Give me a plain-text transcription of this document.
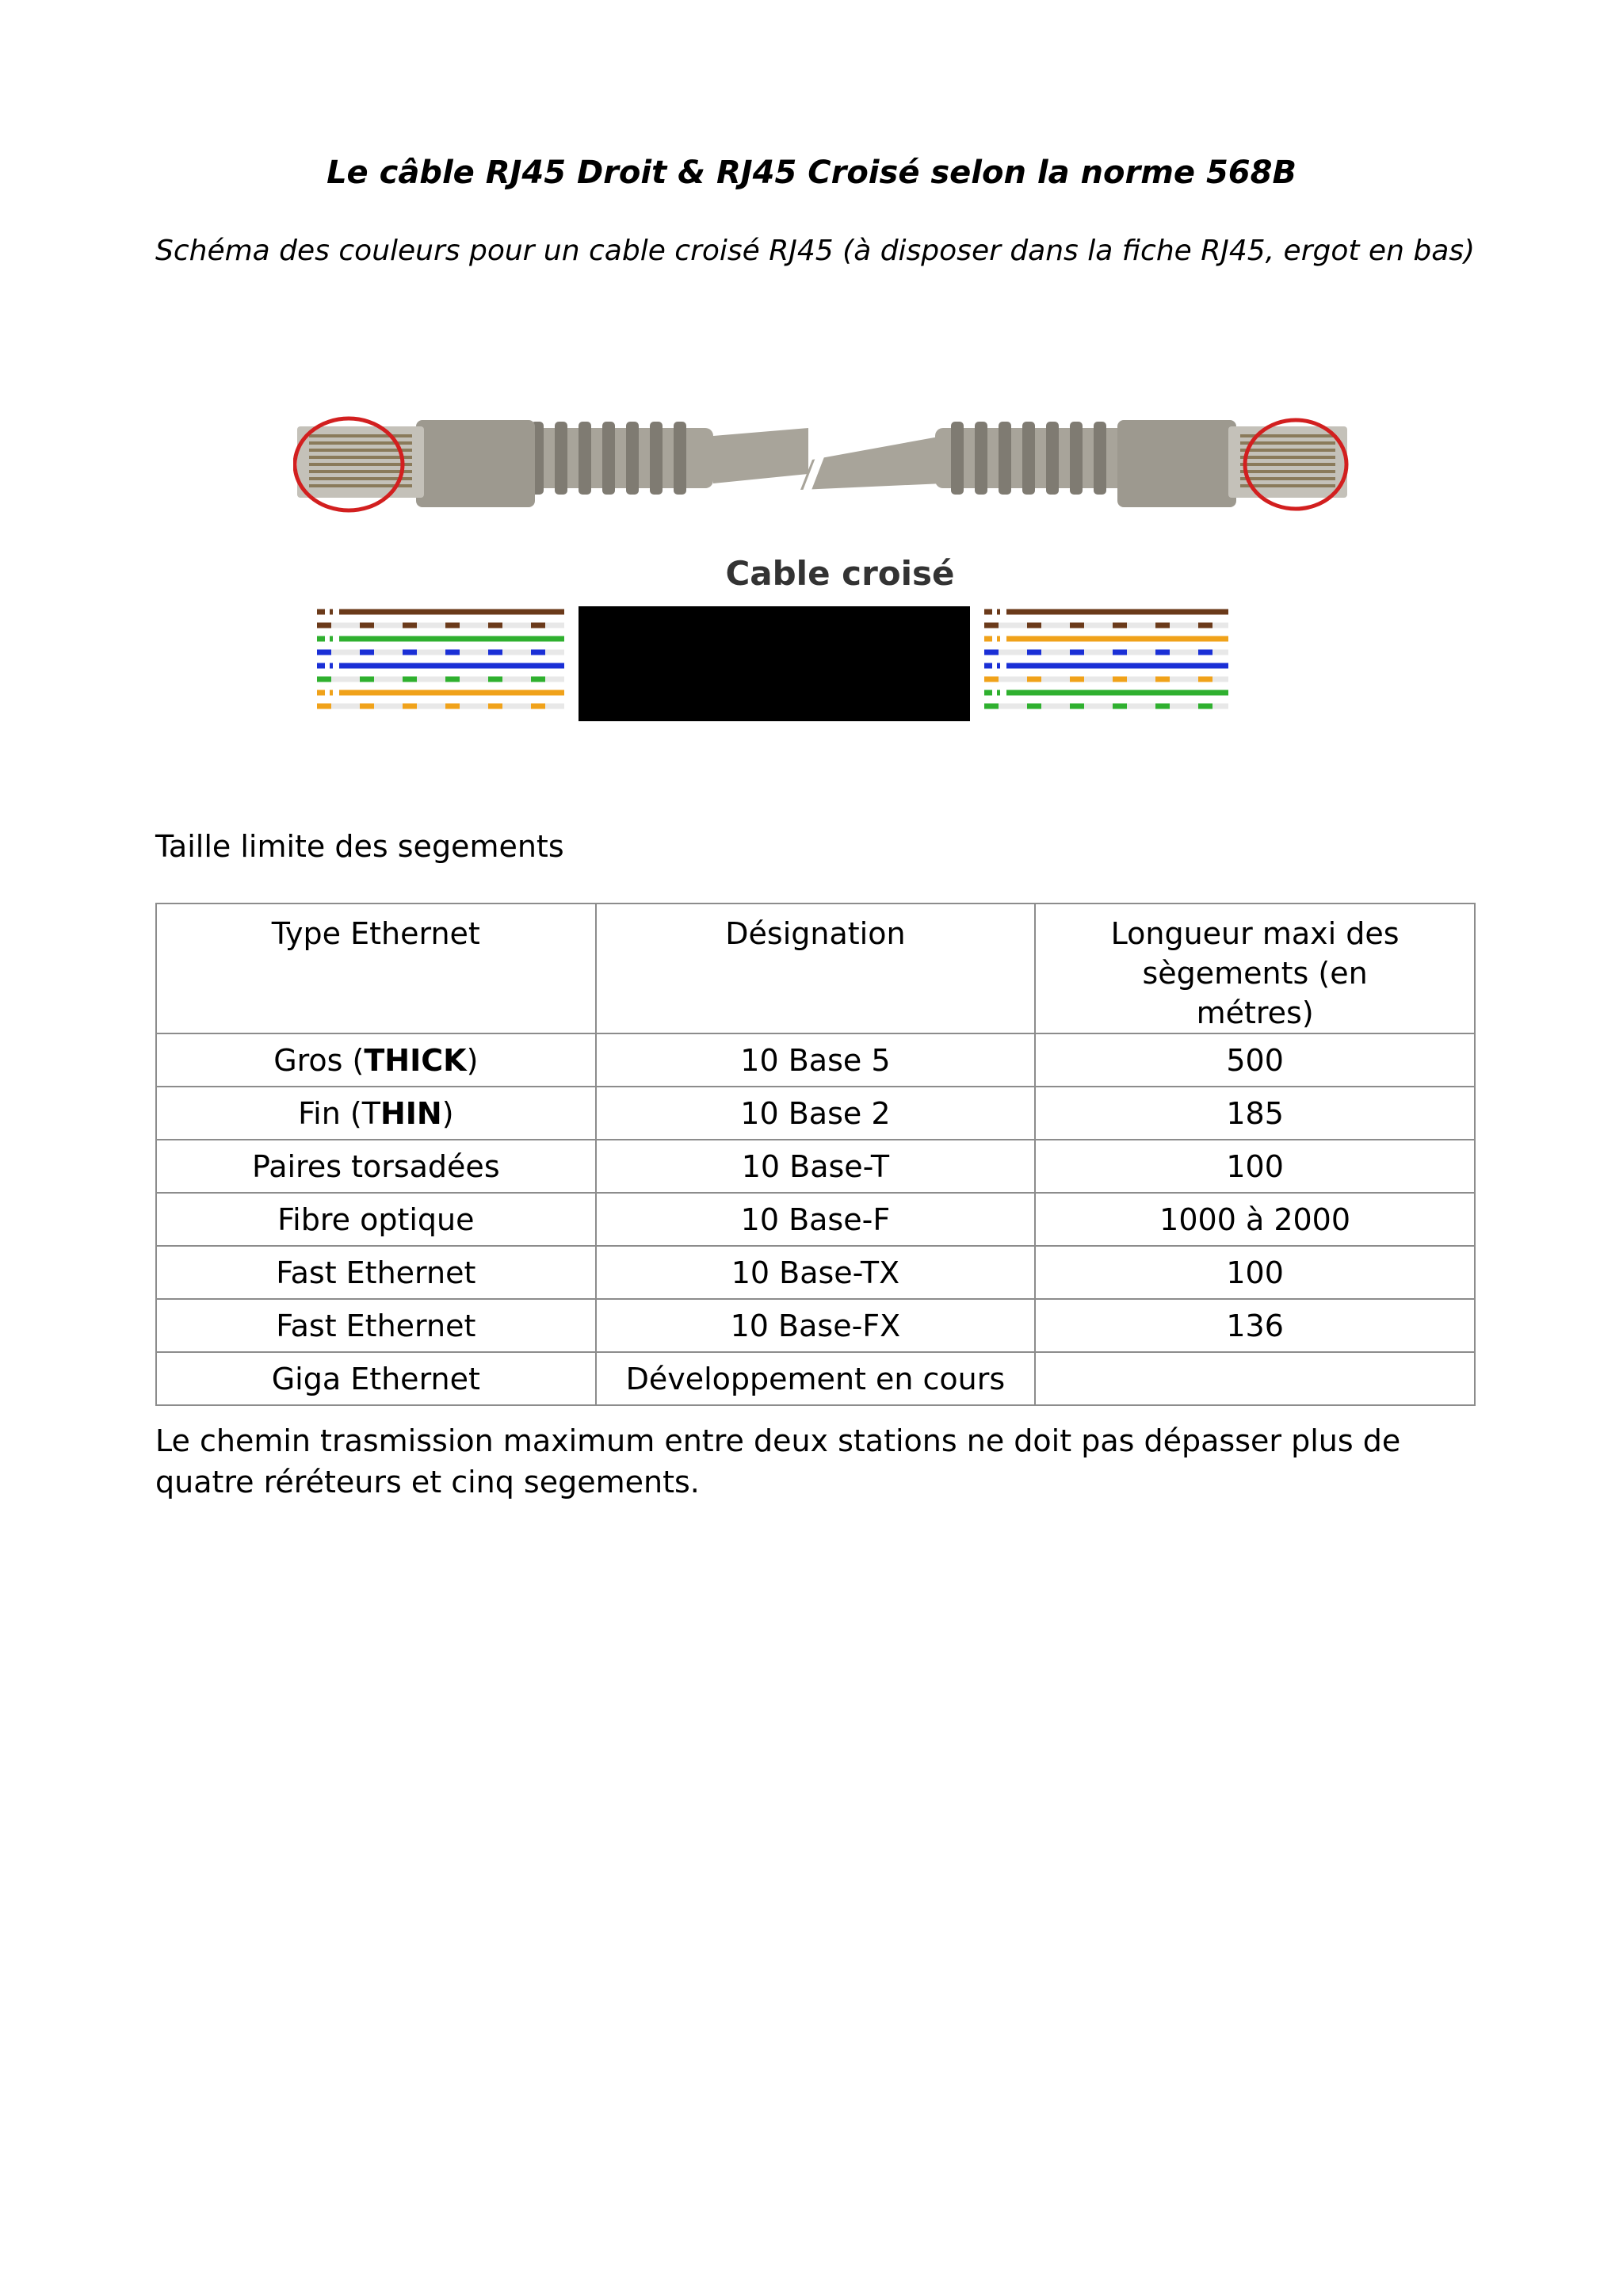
Le câble RJ45 Droit & RJ45 Croisé selon la norme 568B
Schéma des couleurs pour un cable croisé RJ45 (à disposer dans la fiche RJ45, ergot en bas)
Cable croisé
Taille limite des segements
Type Ethernet	Désignation	Longueur maxi des sègements (en métres)
Gros (THICK)	10 Base 5	500
Fin (THIN)	10 Base 2	185
Paires torsadées	10 Base-T	100
Fibre optique	10 Base-F	1000 à 2000
Fast Ethernet	10 Base-TX	100
Fast Ethernet	10 Base-FX	136
Giga Ethernet	Développement en cours	
Le chemin trasmission maximum entre deux stations ne doit pas dépasser plus de quatre réréteurs et cinq segements.
